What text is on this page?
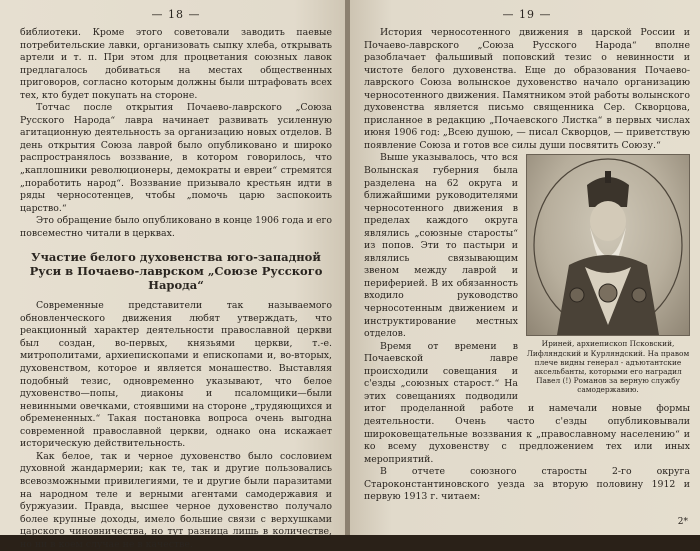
— 18 —

библиотеки. Кроме этого советовали заводить паевые потребительские лавки, организовать сыпку хлеба, открывать артели и т. п. При этом для процветания союзных лавок предлагалось добиваться на местах общественных приговоров, согласно которым должны были штрафовать всех тех, кто будет покупать на стороне.

Тотчас после открытия Почаево-лаврского „Союза Русского Народа“ лавра начинает развивать усиленную агитационную деятельность за организацию новых отделов. В день открытия Союза лаврой было опубликовано и широко распространялось воззвание, в котором говорилось, что „каплошники революционеры, демократы и евреи“ стремятся „поработить народ“. Воззвание призывало крестьян идти в ряды черносотенцев, чтобы „помочь царю заспокоить царство.“

Это обращение было опубликовано в конце 1906 года и его повсеместно читали в церквах.

Участие белого духовенства юго-западной Руси в Почаево-лаврском „Союзе Русского Народа“

Современные представители так называемого обновленческого движения любят утверждать, что реакционный характер деятельности православной церкви был создан, во-первых, князьями церкви, т.-е. митрополитами, архиепископами и епископами и, во-вторых, духовенством, которое и является монашество. Выставляя подобный тезис, одновременно указывают, что белое духовенство—попы, диаконы и псаломщики—были невинными овечками, стоявшими на стороне „трудяющихся и обремененных.“ Такая постановка вопроса очень выгодна современной православной церкви, однако она искажает историческую действительность.

Как белое, так и черное духовенство было сословием духовной жандармерии; как те, так и другие пользовались всевозможными привилегиями, те и другие были паразитами на народном теле и верными агентами самодержавия и буржуазии. Правда, высшее черное духовенство получало более крупные доходы, имело большие связи с верхушками царского чиновничества, но тут разница лишь в количестве, но ни в коем случае не в качестве.

— 19 —

История черносотенного движения в царской России и Почаево-лаврского „Союза Русского Народа“ вполне разоблачает фальшивый поповский тезис о невинности и чистоте белого духовенства. Еще до образования Почаево-лаврского Союза волынское духовенство начало организацию черносотенного движения. Памятником этой работы волынского духовенства является письмо священника Сер. Скворцова, присланное в редакцию „Почаевского Листка“ в первых числах июня 1906 год: „Всею душою, — писал Скворцов, — приветствую появление Союза и готов все силы души посвятить Союзу.“

Ириней, архиепископ Псковский, Лифляндский и Курляндский. На правом плече видны генерал - адъютантские аксельбанты, которыми его наградил Павел (!) Романов за верную службу самодержавию.

Выше указывалось, что вся Волынская губерния была разделена на 62 округа и ближайшими руководителями черносотенного движения в пределах каждого округа являлись „союзные старосты“ из попов. Эти то пастыри и являлись связывающим звеном между лаврой и периферией. В их обязанность входило руководство черносотенным движением и инструктирование местных отделов.

Время от времени в Почаевской лавре происходили совещания и с'езды „союзных старост.“ На этих совещаниях подводили итог проделанной работе и намечали новые формы деятельности. Очень часто с'езды опубликовывали широковещательные воззвания к „православному населению“ и ко всему духовенству с предложением тех или иных мероприятий.

В отчете союзного старосты 2-го округа Староконстантиновского уезда за вторую половину 1912 и первую 1913 г. читаем:

2*
